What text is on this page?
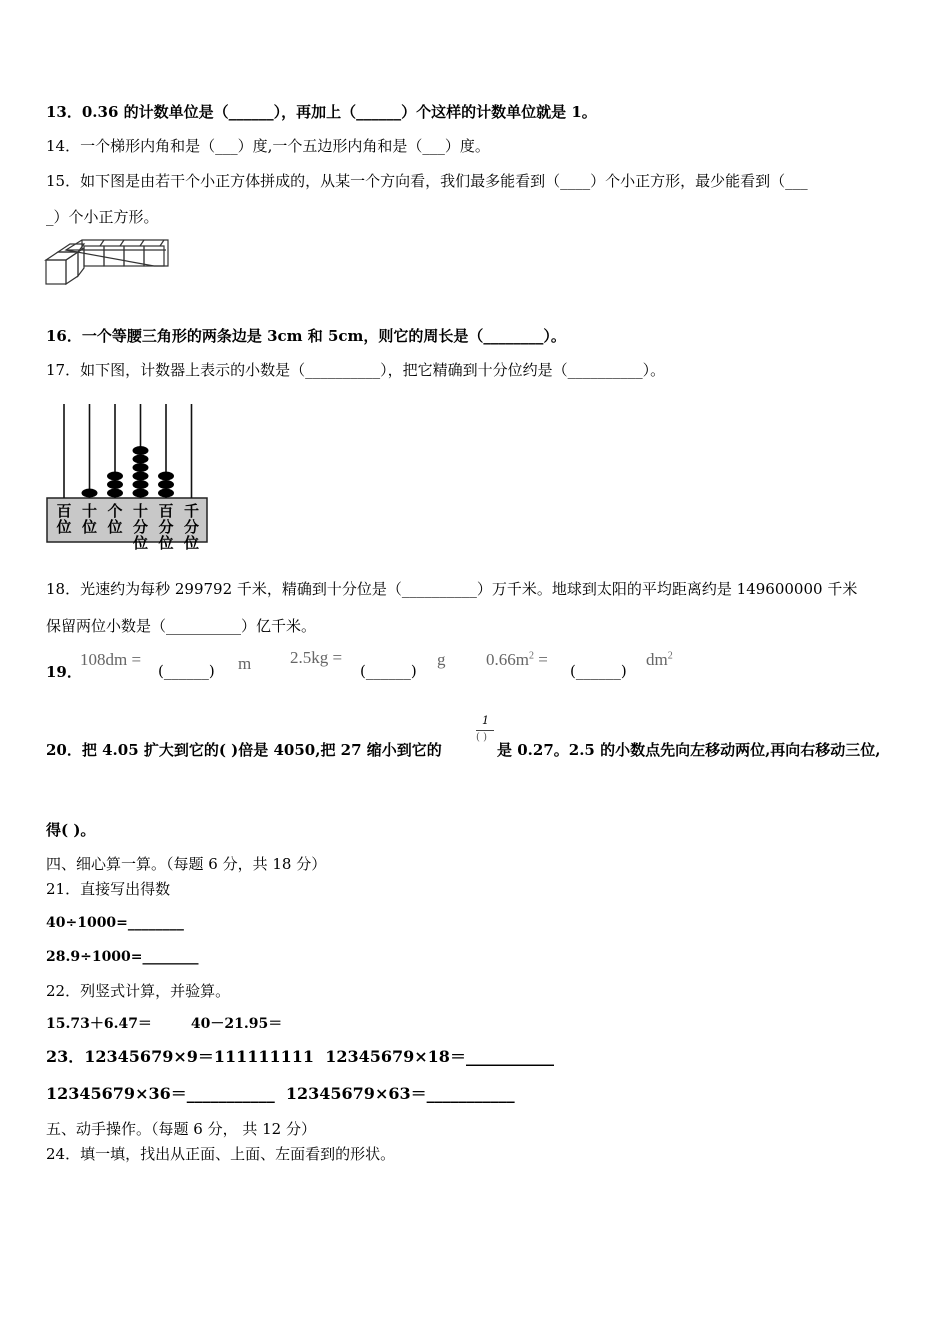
13．0.36 的计数单位是（______），再加上（______）个这样的计数单位就是 1。
14．一个梯形内角和是（___）度,一个五边形内角和是（___）度。
15．如下图是由若干个小正方体拼成的，从某一个方向看，我们最多能看到（____）个小正方形，最少能看到（___
_）个小正方形。
16．一个等腰三角形的两条边是 3cm 和 5cm，则它的周长是（________）。
17．如下图，计数器上表示的小数是（__________），把它精确到十分位约是（__________）。
百
位
十
位
个
位
十
分
位
百
分
位
千
分
位
18．光速约为每秒 299792 千米，精确到十分位是（__________）万千米。地球到太阳的平均距离约是 149600000 千米
保留两位小数是（__________）亿千米。
19．
108dm =
(______) m 2.5kg =
(______)
g $0.66m^2$ =
(______)
$dm^2$
20．把 4.05 扩大到它的( )倍是 4050,把 27 缩小到它的
1
( )
是 0.27。2.5 的小数点先向左移动两位,再向右移动三位,
得( )。
四、细心算一算。（每题 6 分，共 18 分）
21．直接写出得数
40÷1000=________
28.9÷1000=________
22．列竖式计算，并验算。
15.73＋6.47＝        40－21.95＝
23．12345679×9＝111111111  12345679×18＝___________
12345679×36＝___________  12345679×63＝___________
五、动手操作。（每题 6 分， 共 12 分）
24．填一填，找出从正面、上面、左面看到的形状。
